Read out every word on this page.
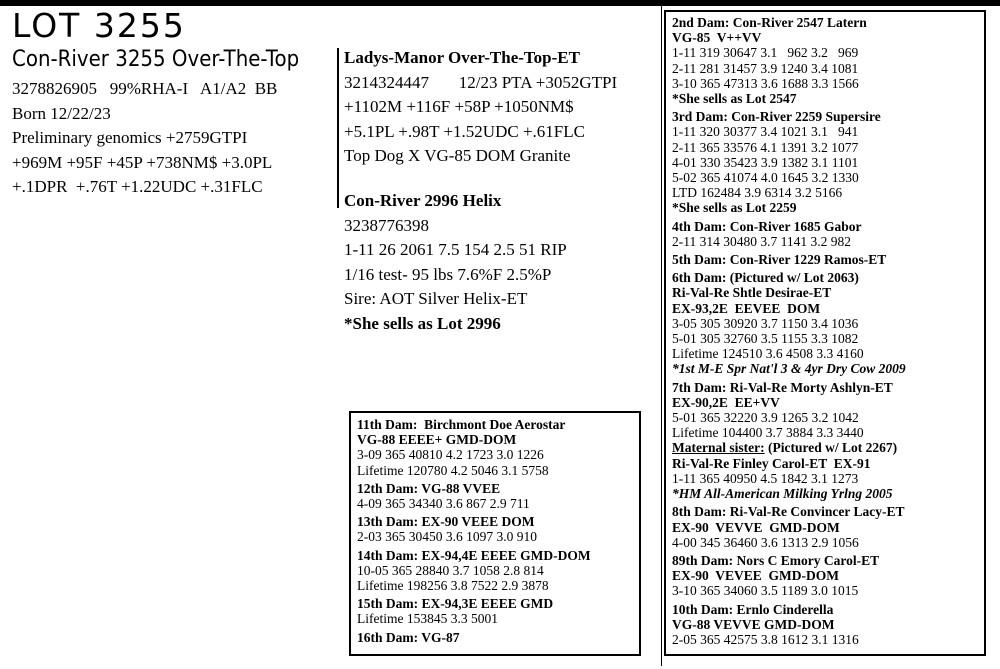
LOT 3255
Con-River 3255 Over-The-Top
3278826905   99%RHA-I   A1/A2  BB
Born 12/22/23
Preliminary genomics +2759GTPI
+969M +95F +45P +738NM$ +3.0PL
+.1DPR  +.76T +1.22UDC +.31FLC
Ladys-Manor Over-The-Top-ET
3214324447       12/23 PTA +3052GTPI
+1102M +116F +58P +1050NM$
+5.1PL +.98T +1.52UDC +.61FLC
Top Dog X VG-85 DOM Granite
Con-River 2996 Helix
3238776398
1-11 26 2061 7.5 154 2.5 51 RIP
1/16 test- 95 lbs 7.6%F 2.5%P
Sire: AOT Silver Helix-ET
*She sells as Lot 2996
2nd Dam: Con-River 2547 Latern
VG-85  V++VV
1-11 319 30647 3.1   962 3.2   969
2-11 281 31457 3.9 1240 3.4 1081
3-10 365 47313 3.6 1688 3.3 1566
*She sells as Lot 2547
3rd Dam: Con-River 2259 Supersire
1-11 320 30377 3.4 1021 3.1   941
2-11 365 33576 4.1 1391 3.2 1077
4-01 330 35423 3.9 1382 3.1 1101
5-02 365 41074 4.0 1645 3.2 1330
LTD 162484 3.9 6314 3.2 5166
*She sells as Lot 2259
4th Dam: Con-River 1685 Gabor
2-11 314 30480 3.7 1141 3.2 982
5th Dam: Con-River 1229 Ramos-ET
6th Dam: (Pictured w/ Lot 2063)
Ri-Val-Re Shtle Desirae-ET
EX-93,2E  EEVEE  DOM
3-05 305 30920 3.7 1150 3.4 1036
5-01 305 32760 3.5 1155 3.3 1082
Lifetime 124510 3.6 4508 3.3 4160
*1st M-E Spr Nat'l 3 & 4yr Dry Cow 2009
7th Dam: Ri-Val-Re Morty Ashlyn-ET
EX-90,2E  EE+VV
5-01 365 32220 3.9 1265 3.2 1042
Lifetime 104400 3.7 3884 3.3 3440
Maternal sister: (Pictured w/ Lot 2267)
Ri-Val-Re Finley Carol-ET  EX-91
1-11 365 40950 4.5 1842 3.1 1273
*HM All-American Milking Yrlng 2005
8th Dam: Ri-Val-Re Convincer Lacy-ET
EX-90  VEVVE  GMD-DOM
4-00 345 36460 3.6 1313 2.9 1056
89th Dam: Nors C Emory Carol-ET
EX-90  VEVEE  GMD-DOM
3-10 365 34060 3.5 1189 3.0 1015
10th Dam: Ernlo Cinderella
VG-88 VEVVE GMD-DOM
2-05 365 42575 3.8 1612 3.1 1316
11th Dam:  Birchmont Doe Aerostar
VG-88 EEEE+ GMD-DOM
3-09 365 40810 4.2 1723 3.0 1226
Lifetime 120780 4.2 5046 3.1 5758
12th Dam: VG-88 VVEE
4-09 365 34340 3.6 867 2.9 711
13th Dam: EX-90 VEEE DOM
2-03 365 30450 3.6 1097 3.0 910
14th Dam: EX-94,4E EEEE GMD-DOM
10-05 365 28840 3.7 1058 2.8 814
Lifetime 198256 3.8 7522 2.9 3878
15th Dam: EX-94,3E EEEE GMD
Lifetime 153845 3.3 5001
16th Dam: VG-87
